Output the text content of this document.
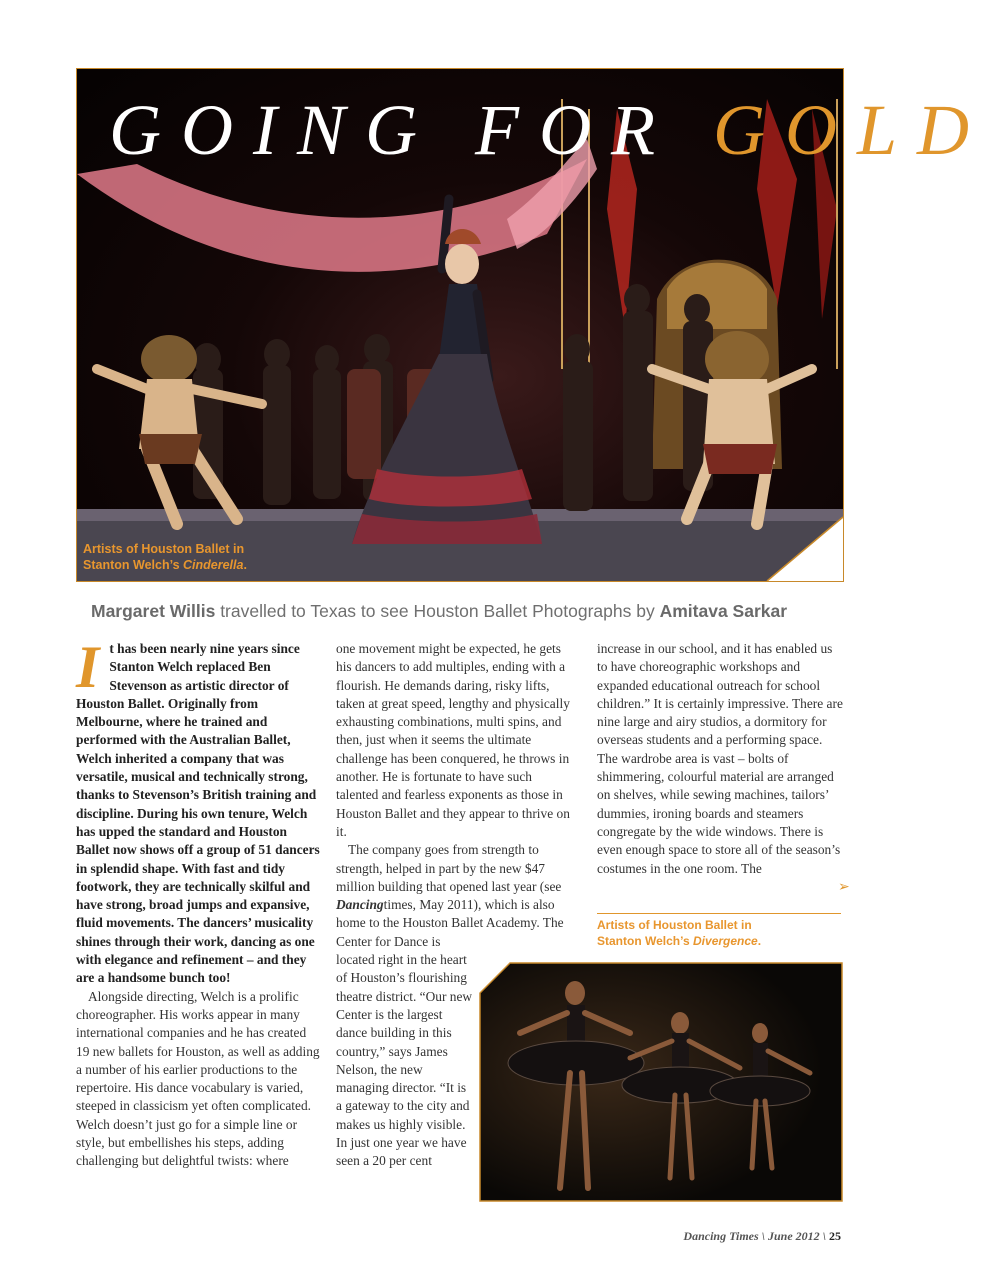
GOING FOR GOLD
Artists of Houston Ballet in
Stanton Welch’s Cinderella.
Margaret Willis travelled to Texas to see Houston Ballet Photographs by Amitava Sarkar

It has been nearly nine years since Stanton Welch replaced Ben Stevenson as artistic director of Houston Ballet. Originally from Melbourne, where he trained and performed with the Australian Ballet, Welch inherited a company that was versatile, musical and technically strong, thanks to Stevenson’s British training and discipline. During his own tenure, Welch has upped the standard and Houston Ballet now shows off a group of 51 dancers in splendid shape. With fast and tidy footwork, they are technically skilful and have strong, broad jumps and expansive, fluid movements. The dancers’ musicality shines through their work, dancing as one with elegance and refinement – and they are a handsome bunch too!

Alongside directing, Welch is a prolific choreographer. His works appear in many international companies and he has created 19 new ballets for Houston, as well as adding a number of his earlier productions to the repertoire. His dance vocabulary is varied, steeped in classicism yet often complicated. Welch doesn’t just go for a simple line or style, but embellishes his steps, adding challenging but delightful twists: where

one movement might be expected, he gets his dancers to add multiples, ending with a flourish. He demands daring, risky lifts, taken at great speed, lengthy and physically exhausting combinations, multi spins, and then, just when it seems the ultimate challenge has been conquered, he throws in another. He is fortunate to have such talented and fearless exponents as those in Houston Ballet and they appear to thrive on it.

The company goes from strength to strength, helped in part by the new $47 million building that opened last year (see Dancingtimes, May 2011), which is also home to the Houston Ballet Academy. The Center for Dance is

located right in the heart of Houston’s flourishing theatre district. “Our new Center is the largest dance building in this country,” says James Nelson, the new managing director. “It is a gateway to the city and makes us highly visible. In just one year we have seen a 20 per cent

increase in our school, and it has enabled us to have choreographic workshops and expanded educational outreach for school children.” It is certainly impressive. There are nine large and airy studios, a dormitory for overseas students and a performing space. The wardrobe area is vast – bolts of shimmering, colourful material are arranged on shelves, while sewing machines, tailors’ dummies, ironing boards and steamers congregate by the wide windows. There is even enough space to store all of the season’s costumes in the one room. The

➢
Artists of Houston Ballet in
Stanton Welch’s Divergence.
Dancing Times \ June 2012 \ 25
